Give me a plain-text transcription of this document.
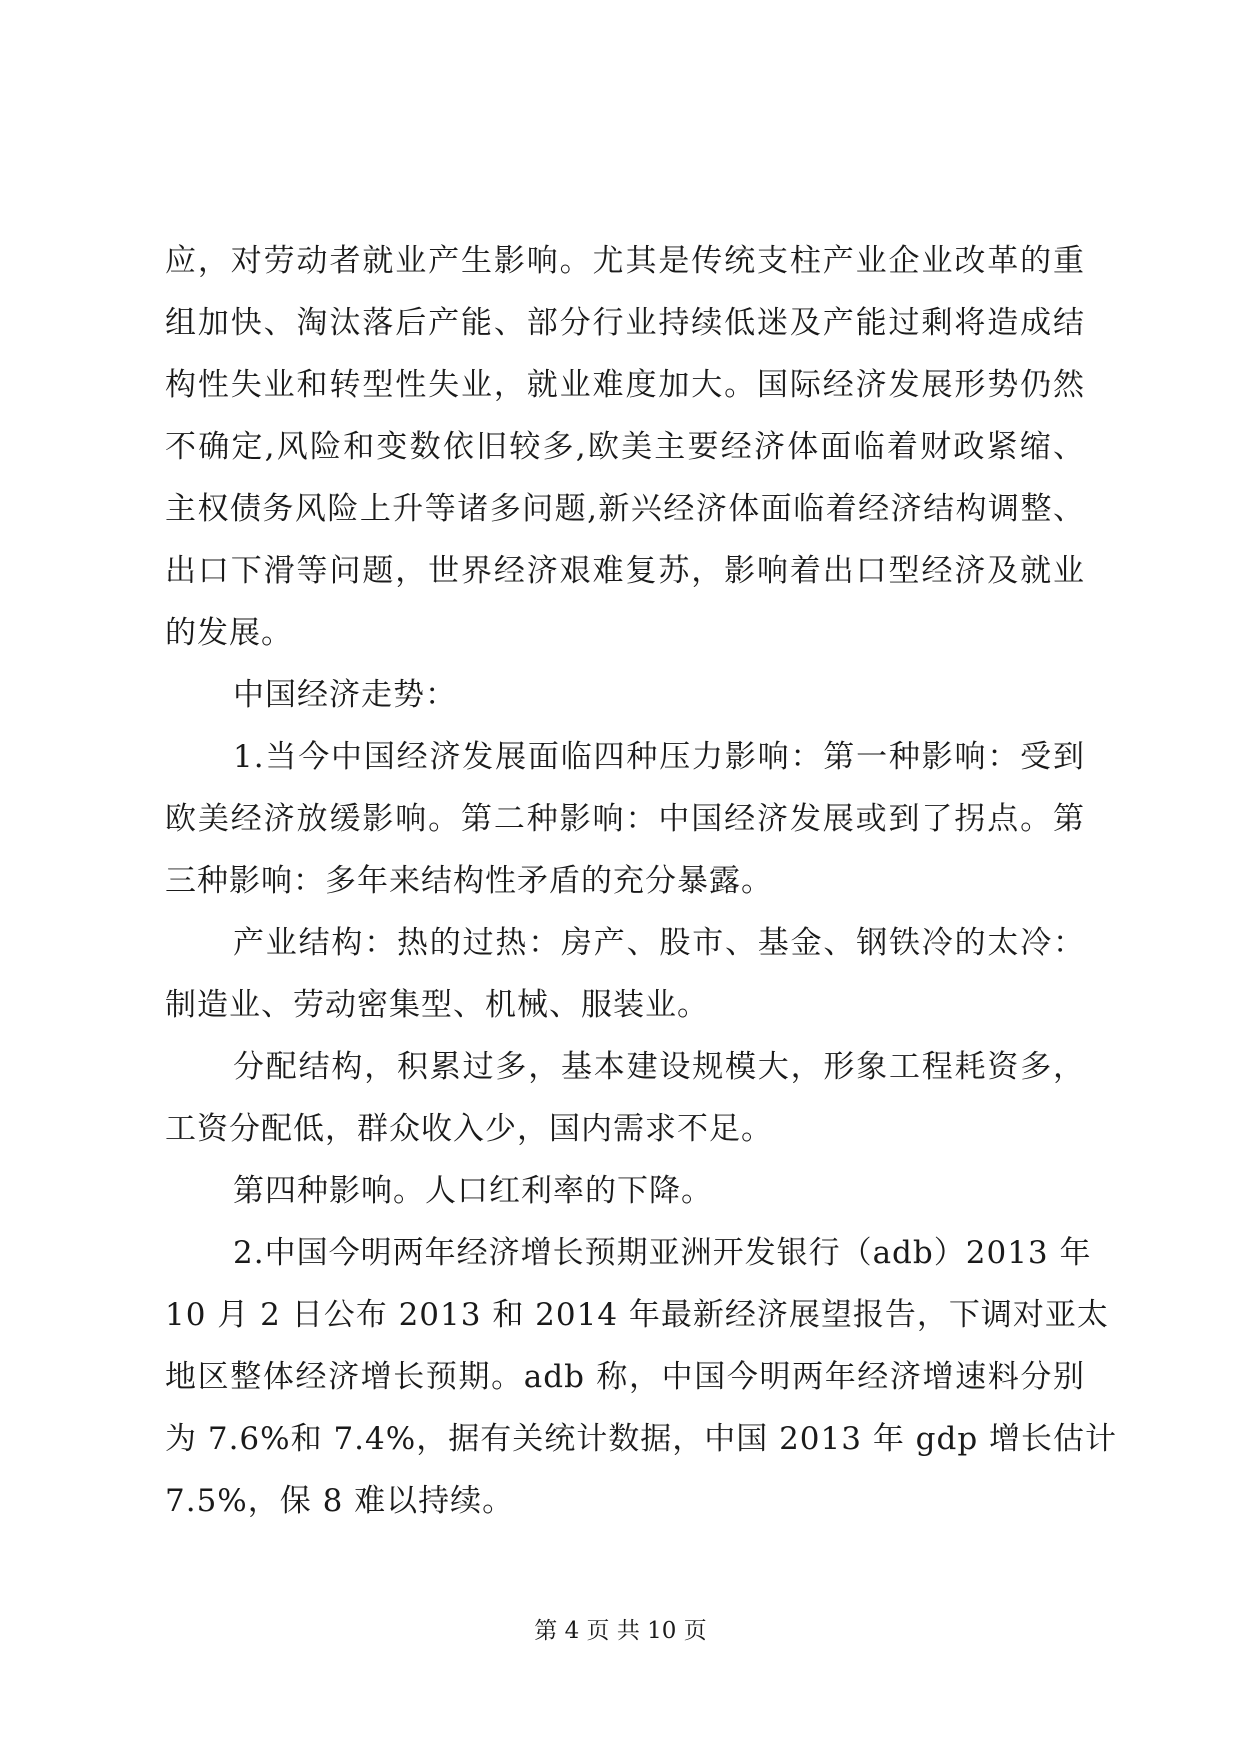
应，对劳动者就业产生影响。尤其是传统支柱产业企业改革的重
组加快、淘汰落后产能、部分行业持续低迷及产能过剩将造成结
构性失业和转型性失业，就业难度加大。国际经济发展形势仍然
不确定,风险和变数依旧较多,欧美主要经济体面临着财政紧缩、
主权债务风险上升等诸多问题,新兴经济体面临着经济结构调整、
出口下滑等问题，世界经济艰难复苏，影响着出口型经济及就业
的发展。
中国经济走势：
1.当今中国经济发展面临四种压力影响：第一种影响：受到
欧美经济放缓影响。第二种影响：中国经济发展或到了拐点。第
三种影响：多年来结构性矛盾的充分暴露。
产业结构：热的过热：房产、股市、基金、钢铁冷的太冷：
制造业、劳动密集型、机械、服装业。
分配结构，积累过多，基本建设规模大，形象工程耗资多，
工资分配低，群众收入少，国内需求不足。
第四种影响。人口红利率的下降。
2.中国今明两年经济增长预期亚洲开发银行（adb）2013 年
10 月 2 日公布 2013 和 2014 年最新经济展望报告，下调对亚太
地区整体经济增长预期。adb 称，中国今明两年经济增速料分别
为 7.6%和 7.4%，据有关统计数据，中国 2013 年 gdp 增长估计
7.5%，保 8 难以持续。
第 4 页 共 10 页
